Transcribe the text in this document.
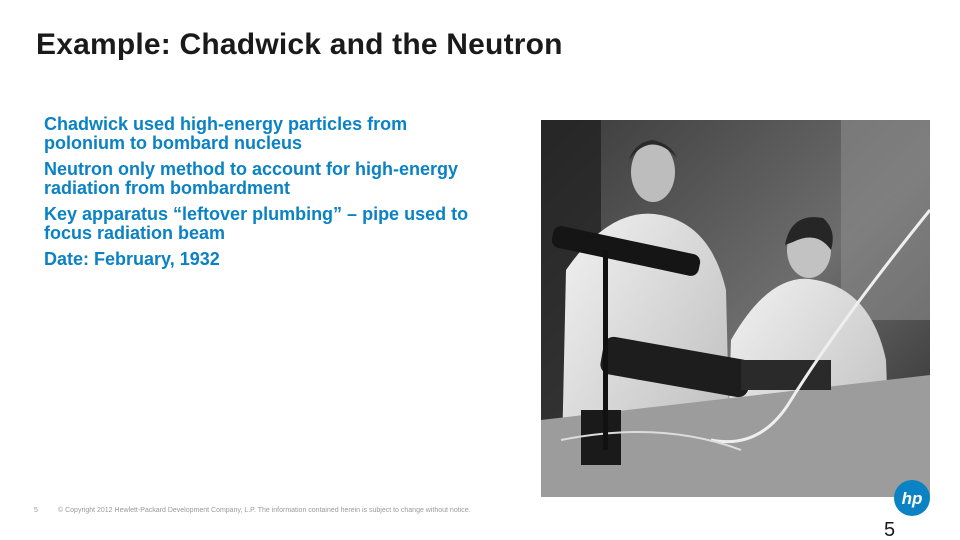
Example: Chadwick and the Neutron
Chadwick used high-energy particles from polonium to bombard nucleus
Neutron only method to account for high-energy radiation from bombardment
Key apparatus “leftover plumbing” – pipe used to focus radiation beam
Date: February, 1932
5	© Copyright 2012 Hewlett-Packard Development Company, L.P. The information contained herein is subject to change without notice.
hp
5
